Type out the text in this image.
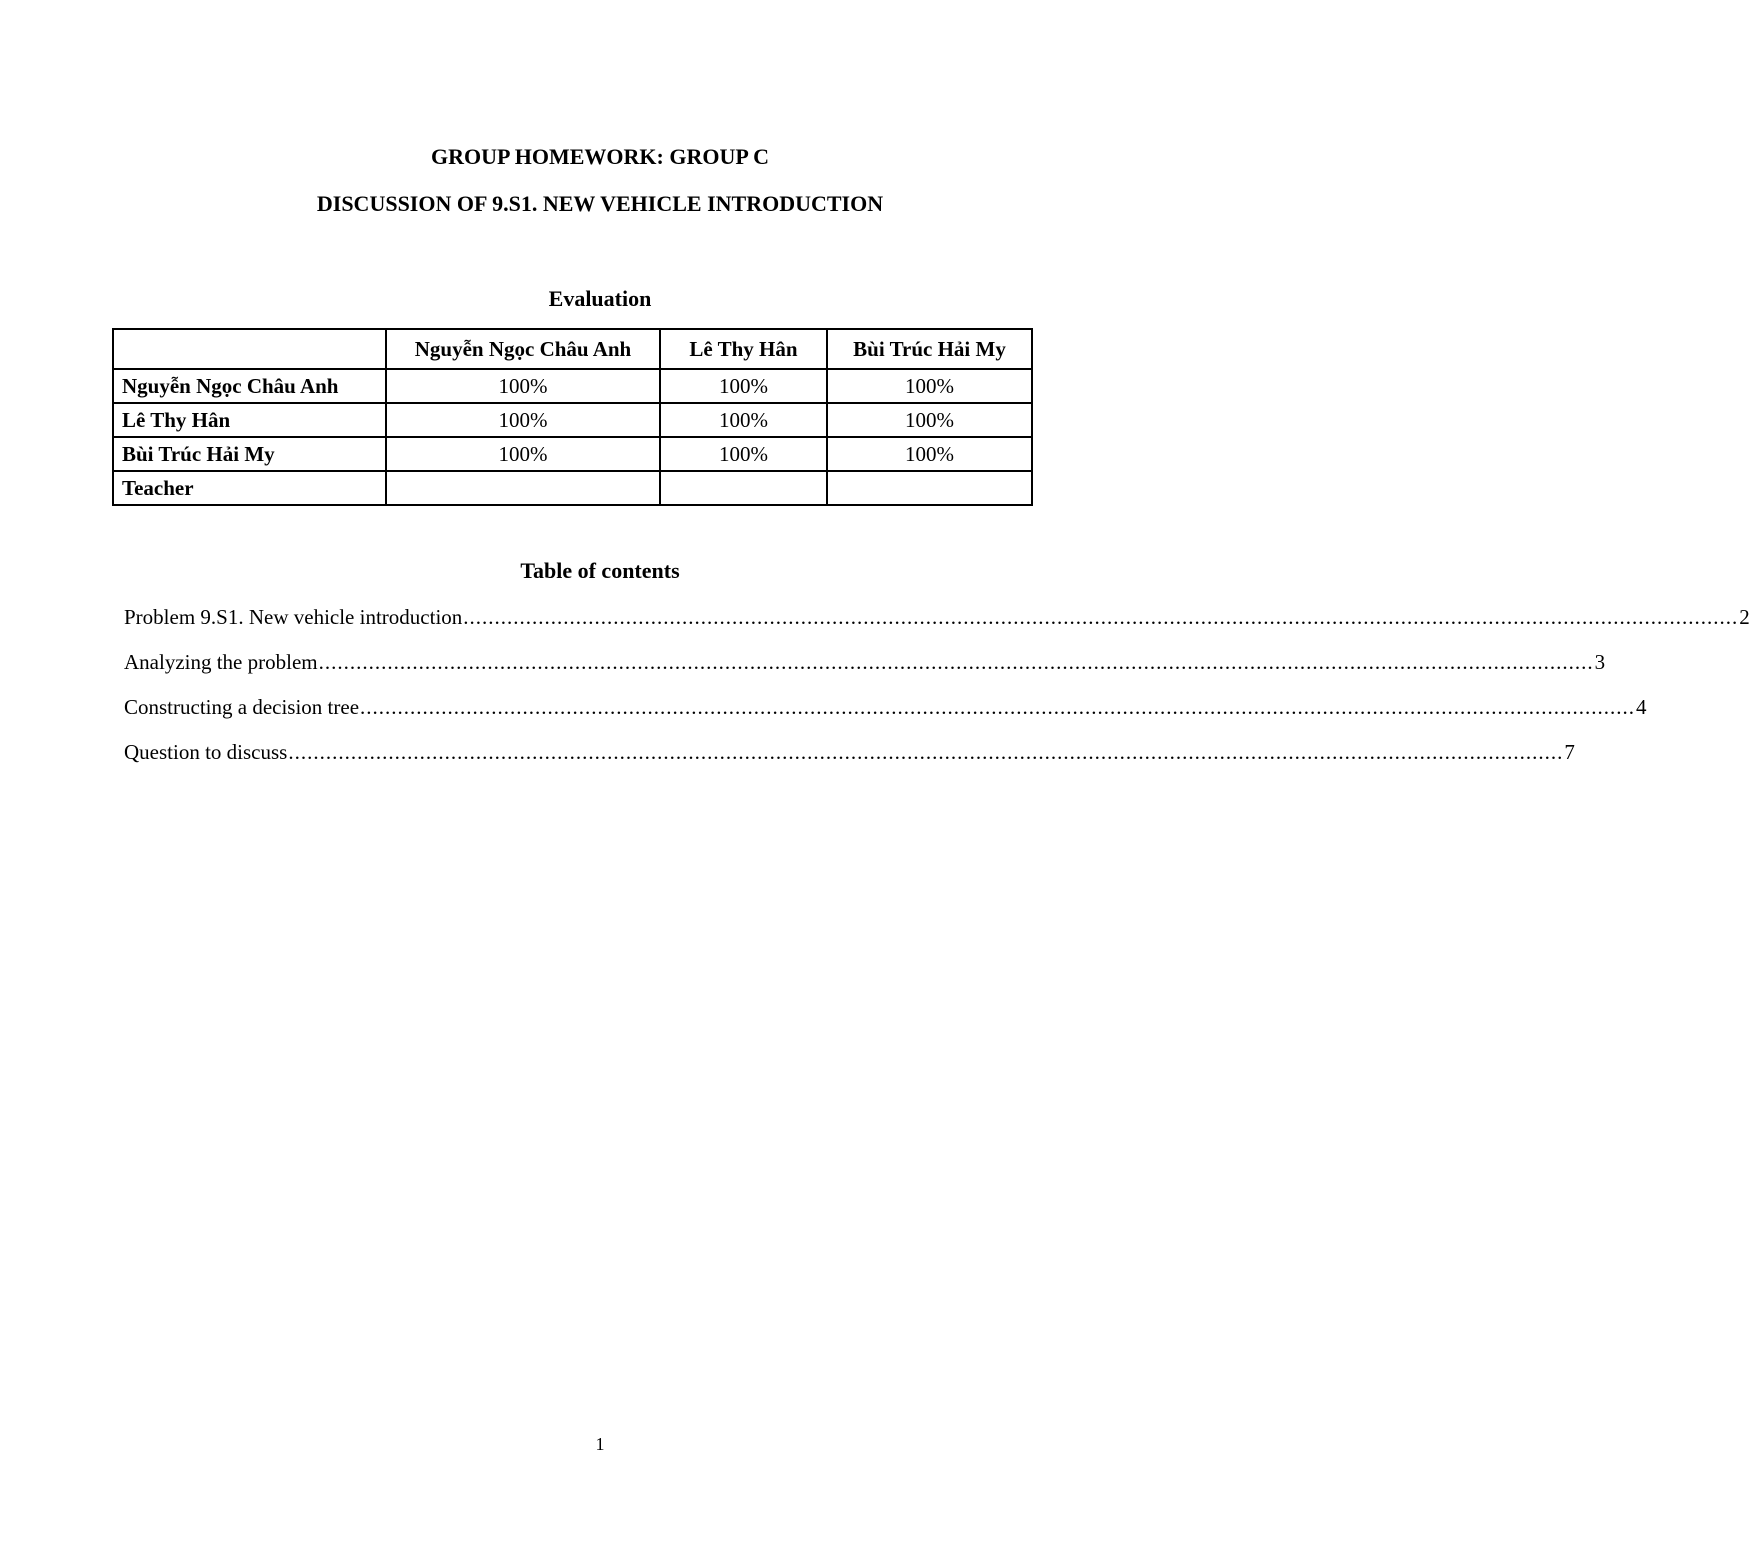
GROUP HOMEWORK: GROUP C
DISCUSSION OF 9.S1. NEW VEHICLE INTRODUCTION
Evaluation
	Nguyễn Ngọc Châu Anh	Lê Thy Hân	Bùi Trúc Hải My
Nguyễn Ngọc Châu Anh	100%	100%	100%
Lê Thy Hân	100%	100%	100%
Bùi Trúc Hải My	100%	100%	100%
Teacher			
Table of contents
Problem 9.S1. New vehicle introduction ............................................................................................................................................................................................................ 2
Analyzing the problem ............................................................................................................................................................................................................ 3
Constructing a decision tree ............................................................................................................................................................................................................ 4
Question to discuss ............................................................................................................................................................................................................ 7
1
